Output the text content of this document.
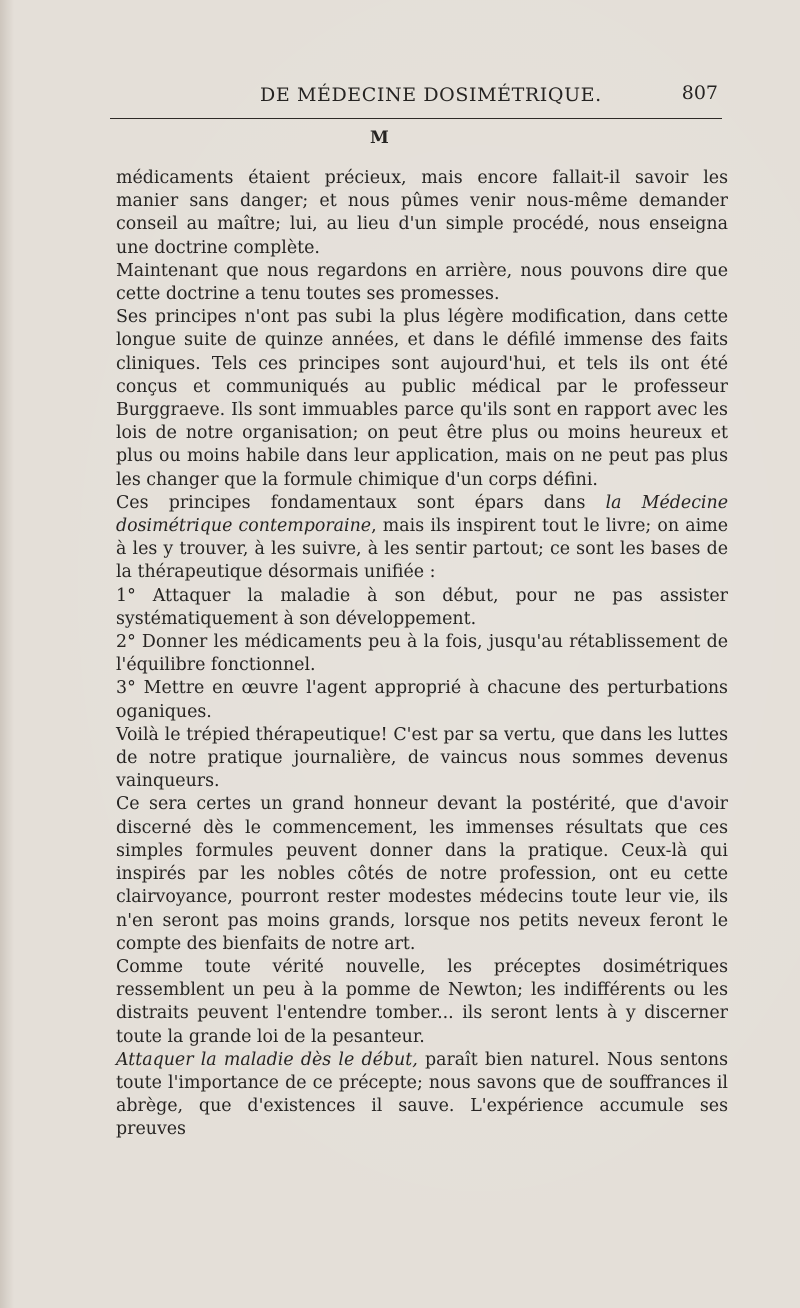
DE MÉDECINE DOSIMÉTRIQUE.	807
M

médicaments étaient précieux, mais encore fallait-il savoir les manier sans danger; et nous pûmes venir nous-même demander conseil au maître; lui, au lieu d'un simple procédé, nous enseigna une doctrine complète.

Maintenant que nous regardons en arrière, nous pouvons dire que cette doctrine a tenu toutes ses promesses.

Ses principes n'ont pas subi la plus légère modification, dans cette longue suite de quinze années, et dans le défilé immense des faits cliniques. Tels ces principes sont aujourd'hui, et tels ils ont été conçus et communiqués au public médical par le professeur Burggraeve. Ils sont immuables parce qu'ils sont en rapport avec les lois de notre organisation; on peut être plus ou moins heureux et plus ou moins habile dans leur application, mais on ne peut pas plus les changer que la formule chimique d'un corps défini.

Ces principes fondamentaux sont épars dans la Médecine dosimétrique contemporaine, mais ils inspirent tout le livre; on aime à les y trouver, à les suivre, à les sentir partout; ce sont les bases de la thérapeutique désormais unifiée :

1° Attaquer la maladie à son début, pour ne pas assister systématiquement à son développement.

2° Donner les médicaments peu à la fois, jusqu'au rétablissement de l'équilibre fonctionnel.

3° Mettre en œuvre l'agent approprié à chacune des perturbations oganiques.

Voilà le trépied thérapeutique! C'est par sa vertu, que dans les luttes de notre pratique journalière, de vaincus nous sommes devenus vainqueurs.

Ce sera certes un grand honneur devant la postérité, que d'avoir discerné dès le commencement, les immenses résultats que ces simples formules peuvent donner dans la pratique. Ceux-là qui inspirés par les nobles côtés de notre profession, ont eu cette clairvoyance, pourront rester modestes médecins toute leur vie, ils n'en seront pas moins grands, lorsque nos petits neveux feront le compte des bienfaits de notre art.

Comme toute vérité nouvelle, les préceptes dosimétriques ressemblent un peu à la pomme de Newton; les indifférents ou les distraits peuvent l'entendre tomber... ils seront lents à y discerner toute la grande loi de la pesanteur.

Attaquer la maladie dès le début, paraît bien naturel. Nous sentons toute l'importance de ce précepte; nous savons que de souffrances il abrège, que d'existences il sauve. L'expérience accumule ses preuves
